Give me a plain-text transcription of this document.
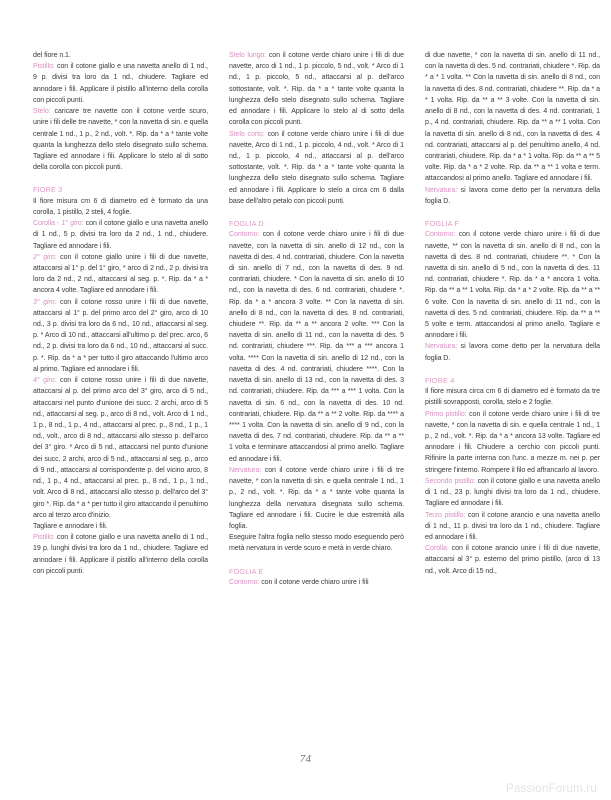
del fiore n.1.

Pistillo: con il cotone giallo e una navetta anello di 1 nd., 9 p. divisi tra loro da 1 nd., chiudere. Tagliare ed annodare i fili. Applicare il pistillo all'interno della corolla con piccoli punti.

Stelo: caricare tre navette con il cotone verde scuro, unire i fili delle tre navette, * con la navetta di sin. e quella centrale 1 nd., 1 p., 2 nd., volt. *. Rip. da * a * tante volte quanta la lunghezza dello stelo disegnato sullo schema. Tagliare ed annodare i fili. Applicare lo stelo al di sotto della corolla con piccoli punti.

FIORE 3

Il fiore misura cm 6 di diametro ed è formato da una corolla, 1 pistillo, 2 steli, 4 foglie.

Corolla - 1° giro: con il cotone giallo e una navetta anello di 1 nd., 5 p. divisi tra loro da 2 nd., 1 nd., chiudere. Tagliare ed annodare i fili.

2° giro: con il cotone giallo unire i fili di due navette, attaccarsi al 1° p. del 1° giro, * arco di 2 nd., 2 p. divisi tra loro da 2 nd., 2 nd., attaccarsi al seg. p. *. Rip. da * a * ancora 4 volte. Tagliare ed annodare i fili.

3° giro: con il cotone rosso unire i fili di due navette, attaccarsi al 1° p. del primo arco del 2° giro, arco di 10 nd., 3 p. divisi tra loro da 6 nd., 10 nd., attaccarsi al seg. p. * Arco di 10 nd., attaccarsi all'ultimo p. del prec. arco, 6 nd., 2 p. divisi tra loro da 6 nd., 10 nd., attaccarsi al succ. p. *. Rip. da * a * per tutto il giro attaccando l'ultimo arco al primo. Tagliare ed annodare i fili.

4° giro: con il cotone rosso unire i fili di due navette, attaccarsi al p. del primo arco del 3° giro, arco di 5 nd., attaccarsi nel punto d'unione dei succ. 2 archi, arco di 5 nd., attaccarsi al seg. p., arco di 8 nd., volt. Arco di 1 nd., 1 p., 8 nd., 1 p., 4 nd., attaccarsi al prec. p., 8 nd., 1 p., 1 nd., volt., arco di 8 nd., attaccarsi allo stesso p. dell'arco del 3° giro. * Arco di 5 nd., attaccarsi nel punto d'unione dei succ. 2 archi, arco di 5 nd., attaccarsi al seg. p., arco di 9 nd., attaccarsi al corrispondente p. del vicino arco, 8 nd., 1 p., 4 nd., attaccarsi al prec. p., 8 nd., 1 p., 1 nd., volt. Arco di 8 nd., attaccarsi allo stesso p. dell'arco del 3° giro *. Rip. da * a * per tutto il giro attaccando il penultimo arco al terzo arco d'inizio.

Tagliare e annodare i fili.

Pistillo: con il cotone giallo e una navetta anello di 1 nd., 19 p. lunghi divisi tra loro da 1 nd., chiudere. Tagliare ed annodare i fili. Applicare il pistillo all'interno della corolla con piccoli punti.

Stelo lungo: con il cotone verde chiaro unire i fili di due navette, arco di 1 nd., 1 p. piccolo, 5 nd., volt. * Arco di 1 nd., 1 p. piccolo, 5 nd., attaccarsi al p. dell'arco sottostante, volt. *. Rip. da * a * tante volte quanta la lunghezza dello stelo disegnato sullo schema. Tagliare ed annodare i fili. Applicare lo stelo al di sotto della corolla con piccoli punti.

Stelo corto: con il cotone verde chiaro unire i fili di due navette, Arco di 1 nd., 1 p. piccolo, 4 nd., volt. * Arco di 1 nd., 1 p. piccolo, 4 nd., attaccarsi al p. dell'arco sottostante, volt. *. Rip. da * a * tante volte quanta la lunghezza dello stelo disegnato sullo schema. Tagliare ed annodare i fili. Applicare lo stelo a circa cm 6 dalla base dell'altro petalo con piccoli punti.

FOGLIA D

Contorno: con il cotone verde chiaro unire i fili di due navette, con la navetta di sin. anello di 12 nd., con la navetta di des. 4 nd. contrariati, chiudere. Con la navetta di sin. anello di 7 nd., con la navetta di des. 9 nd. contrariati, chiudere. * Con la navetta di sin. anello di 10 nd., con la navetta di des. 6 nd. contrariati, chiudere *. Rip. da * a * ancora 3 volte. ** Con la navetta di sin. anello di 8 nd., con la navetta di des. 8 nd. contrariati, chiudere **. Rip. da ** a ** ancora 2 volte. *** Con la navetta di sin. anello di 11 nd., con la navetta di des. 5 nd. contrariati, chiudere ***. Rip. da *** a *** ancora 1 volta. **** Con la navetta di sin. anello di 12 nd., con la navetta di des. 4 nd. contrariati, chiudere ****. Con la navetta di sin. anello di 13 nd., con la navetta di des. 3 nd. contrariati, chiudere. Rip. da *** a *** 1 volta. Con la navetta di sin. 6 nd., con la navetta di des. 10 nd. contrariati, chiudere. Rip. da ** a ** 2 volte. Rip. da **** a **** 1 volta. Con la navetta di sin. anello di 9 nd., con la navetta di des. 7 nd. contrariati, chiudere. Rip. da ** a ** 1 volta e terminare attaccandosi al primo anello. Tagliare ed annodare i fili.

Nervatura: con il cotone verde chiaro unire i fili di tre navette, * con la navetta di sin. e quella centrale 1 nd., 1 p., 2 nd., volt. *. Rip. da * a * tante volte quanta la lunghezza della nervatura disegnata sullo schema. Tagliare ed annodare i fili. Cucire le due estremità alla foglia.

Eseguire l'altra foglia nello stesso modo eseguendo però metà nervatura in verde scuro e metà in verde chiaro.

FOGLIA E

Contorno: con il cotone verde chiaro unire i fili

di due navette, * con la navetta di sin. anello di 11 nd., con la navetta di des. 5 nd. contrariati, chiudere *. Rip. da * a * 1 volta. ** Con la navetta di sin. anello di 8 nd., con la navetta di des. 8 nd. contrariati, chiudere **. Rip. da * a * 1 volta. Rip. da ** a ** 3 volte. Con la navetta di sin. anello di 8 nd., con la navetta di des. 4 nd. contrariati, 1 p., 4 nd. contrariati, chiudere. Rip. da ** a ** 1 volta. Con la navetta di sin. anello di 8 nd., con la navetta di des. 4 nd. contrariati, attaccarsi al p. del penultimo anello, 4 nd. contrariati, chiudere. Rip. da * a * 1 volta. Rip. da ** a ** 5 volte. Rip. da * a * 2 volte. Rip. da ** a ** 1 volta e term. attaccandosi al primo anello. Tagliare ed annodare i fili.

Nervatura: si lavora come detto per la nervatura della foglia D.

FOGLIA F

Contorno: con il cotone verde chiaro unire i fili di due navette, ** con la navetta di sin. anello di 8 nd., con la navetta di des. 8 nd. contrariati, chiudere **. * Con la navetta di sin. anello di 5 nd., con la navetta di des. 11 nd. contrariati, chiudere *. Rip. da * a * ancora 1 volta. Rip. da ** a ** 1 volta. Rip. da * a * 2 volte. Rip. da ** a ** 6 volte. Con la navetta di sin. anello di 11 nd., con la navetta di des. 5 nd. contrariati, chiudere. Rip. da ** a ** 5 volte e term. attaccandosi al primo anello. Tagliare e annodare i fili.

Nervatura: si lavora come detto per la nervatura della foglia D.

FIORE 4

Il fiore misura circa cm 6 di diametro ed è formato da tre pistilli sovrapposti, corolla, stelo e 2 foglie.

Primo pistillo: con il cotone verde chiaro unire i fili di tre navette, * con la navetta di sin. e quella centrale 1 nd., 1 p., 2 nd., volt. *. Rip. da * a * ancora 13 volte. Tagliare ed annodare i fili. Chiudere a cerchio con piccoli punti. Rifinire la parte interna con l'unc. a mezze m. nei p. per stringere l'interno. Rompere il filo ed affrancarlo al lavoro.

Secondo pistillo: con il cotone giallo e una navetta anello di 1 nd., 23 p. lunghi divisi tra loro da 1 nd., chiudere. Tagliare ed annodare i fili.

Terzo pistillo: con il cotone arancio e una navetta anello di 1 nd., 11 p. divisi tra loro da 1 nd., chiudere. Tagliare ed annodare i fili.

Corolla: con il cotone arancio unire i fili di due navette, attaccarsi al 3° p. esterno del primo pistillo, (arco di 13 nd., volt. Arco di 15 nd.,

74
PassionForum.ru
